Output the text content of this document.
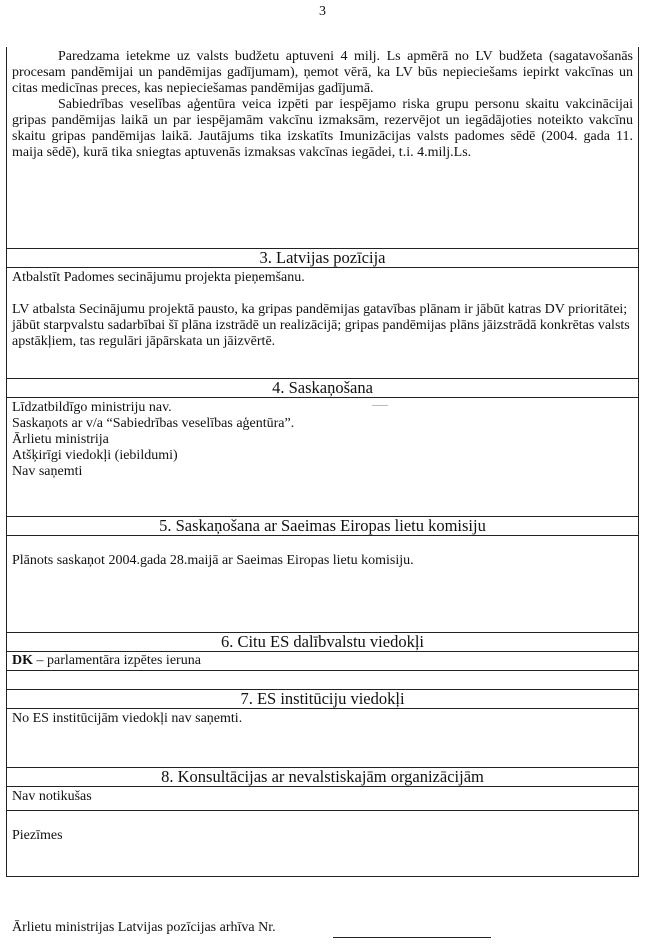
3

Paredzama ietekme uz valsts budžetu aptuveni 4 milj. Ls apmērā no LV budžeta (sagatavošanās procesam pandēmijai un pandēmijas gadījumam), ņemot vērā, ka LV būs nepieciešams iepirkt vakcīnas un citas medicīnas preces, kas nepieciešamas pandēmijas gadījumā.

Sabiedrības veselības aģentūra veica izpēti par iespējamo riska grupu personu skaitu vakcinācijai gripas pandēmijas laikā un par iespējamām vakcīnu izmaksām, rezervējot un iegādājoties noteikto vakcīnu skaitu gripas pandēmijas laikā. Jautājums tika izskatīts Imunizācijas valsts padomes sēdē (2004. gada 11. maija sēdē), kurā tika sniegtas aptuvenās izmaksas vakcīnas iegādei, t.i. 4.milj.Ls.

3. Latvijas pozīcija

Atbalstīt Padomes secinājumu projekta pieņemšanu.

LV atbalsta Secinājumu projektā pausto, ka gripas pandēmijas gatavības plānam ir jābūt katras DV prioritātei; jābūt starpvalstu sadarbībai šī plāna izstrādē un realizācijā; gripas pandēmijas plāns jāizstrādā konkrētas valsts apstākļiem, tas regulāri jāpārskata un jāizvērtē.

4. Saskaņošana

Līdzatbildīgo ministriju nav.

Saskaņots ar v/a “Sabiedrības veselības aģentūra”.

Ārlietu ministrija

Atšķirīgi viedokļi (iebildumi)

Nav saņemti

5. Saskaņošana ar Saeimas Eiropas lietu komisiju

Plānots saskaņot 2004.gada 28.maijā ar Saeimas Eiropas lietu komisiju.

6. Citu ES dalībvalstu viedokļi

DK – parlamentāra izpētes ieruna

7. ES institūciju viedokļi

No ES institūcijām viedokļi nav saņemti.

8. Konsultācijas ar nevalstiskajām organizācijām

Nav notikušas

Piezīmes

Ārlietu ministrijas Latvijas pozīcijas arhīva Nr.
